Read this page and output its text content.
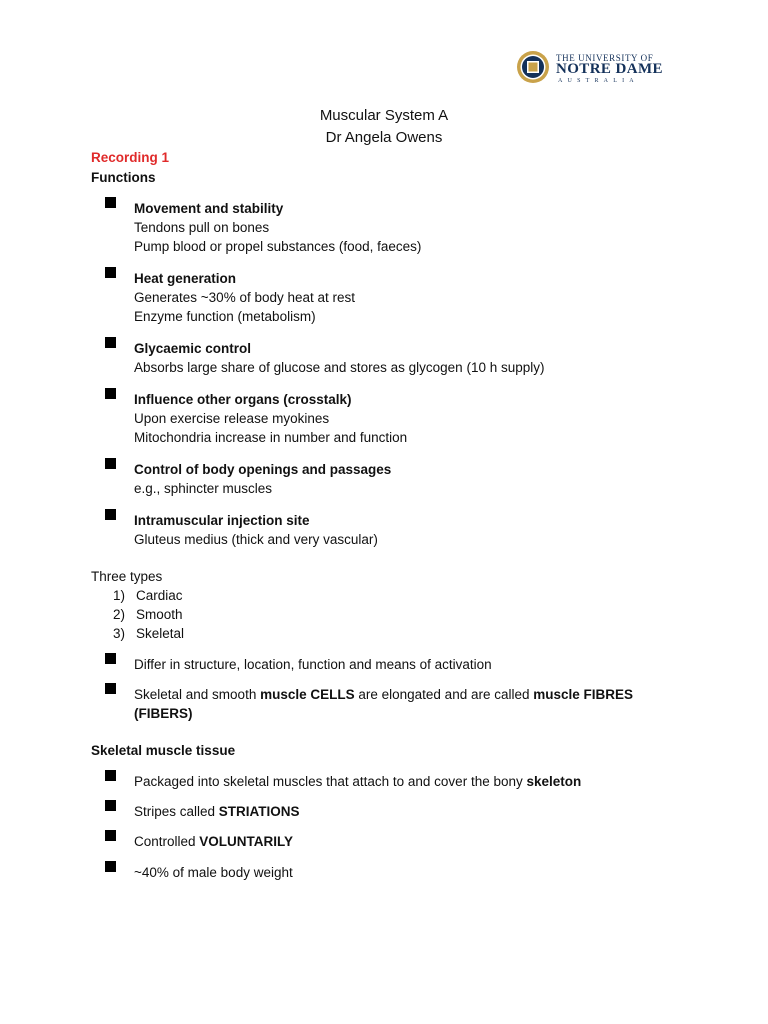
THE UNIVERSITY OF
NOTRE DAME
AUSTRALIA
Muscular System A
Dr Angela Owens
Recording 1
Functions
Movement and stability
Tendons pull on bones
Pump blood or propel substances (food, faeces)
Heat generation
Generates ~30% of body heat at rest
Enzyme function (metabolism)
Glycaemic control
Absorbs large share of glucose and stores as glycogen (10 h supply)
Influence other organs (crosstalk)
Upon exercise release myokines
Mitochondria increase in number and function
Control of body openings and passages
e.g., sphincter muscles
Intramuscular injection site
Gluteus medius (thick and very vascular)
Three types
1) Cardiac
2) Smooth
3) Skeletal
Differ in structure, location, function and means of activation
Skeletal and smooth muscle CELLS are elongated and are called muscle FIBRES
(FIBERS)
Skeletal muscle tissue
Packaged into skeletal muscles that attach to and cover the bony skeleton
Stripes called STRIATIONS
Controlled VOLUNTARILY
~40% of male body weight
